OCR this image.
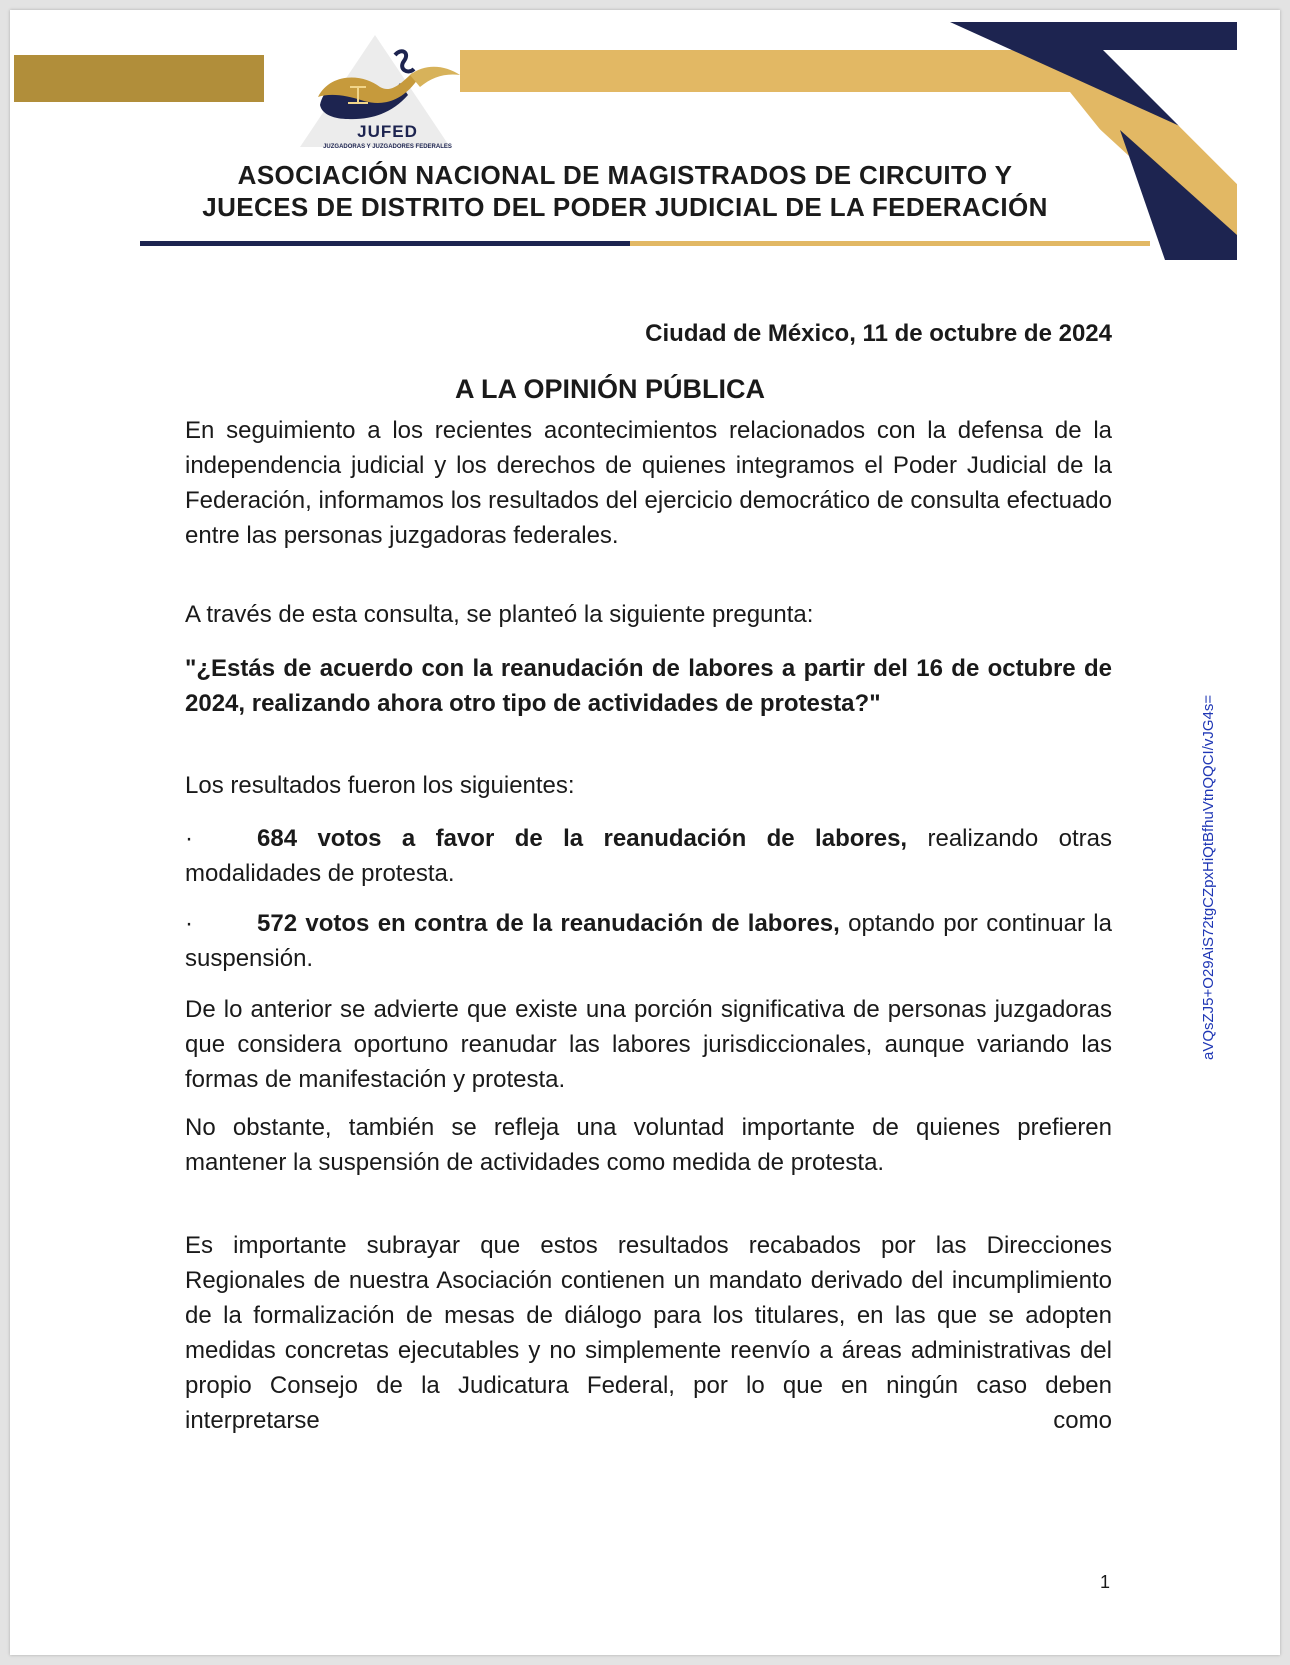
JUFED
JUZGADORAS Y JUZGADORES FEDERALES
ASOCIACIÓN NACIONAL DE MAGISTRADOS DE CIRCUITO Y
JUECES DE DISTRITO DEL PODER JUDICIAL DE LA FEDERACIÓN
aVQsZJ5+O29AiS72tgCZpxHiQtBfhuVtnQQCI/vJG4s=
Ciudad de México, 11 de octubre de 2024
A LA OPINIÓN PÚBLICA

En seguimiento a los recientes acontecimientos relacionados con la defensa de la independencia judicial y los derechos de quienes integramos el Poder Judicial de la Federación, informamos los resultados del ejercicio democrático de consulta efectuado entre las personas juzgadoras federales.

A través de esta consulta, se planteó la siguiente pregunta:

"¿Estás de acuerdo con la reanudación de labores a partir del 16 de octubre de 2024, realizando ahora otro tipo de actividades de protesta?"

Los resultados fueron los siguientes:

·	684 votos a favor de la reanudación de labores, realizando otras modalidades de protesta.

·	572 votos en contra de la reanudación de labores, optando por continuar la suspensión.

De lo anterior se advierte que existe una porción significativa de personas juzgadoras que considera oportuno reanudar las labores jurisdiccionales, aunque variando las formas de manifestación y protesta.

No obstante, también se refleja una voluntad importante de quienes prefieren mantener la suspensión de actividades como medida de protesta.

Es importante subrayar que estos resultados recabados por las Direcciones Regionales de nuestra Asociación contienen un mandato derivado del incumplimiento de la formalización de mesas de diálogo para los titulares, en las que se adopten medidas concretas ejecutables y no simplemente reenvío a áreas administrativas del propio Consejo de la Judicatura Federal, por lo que en ningún caso deben interpretarse como

1
